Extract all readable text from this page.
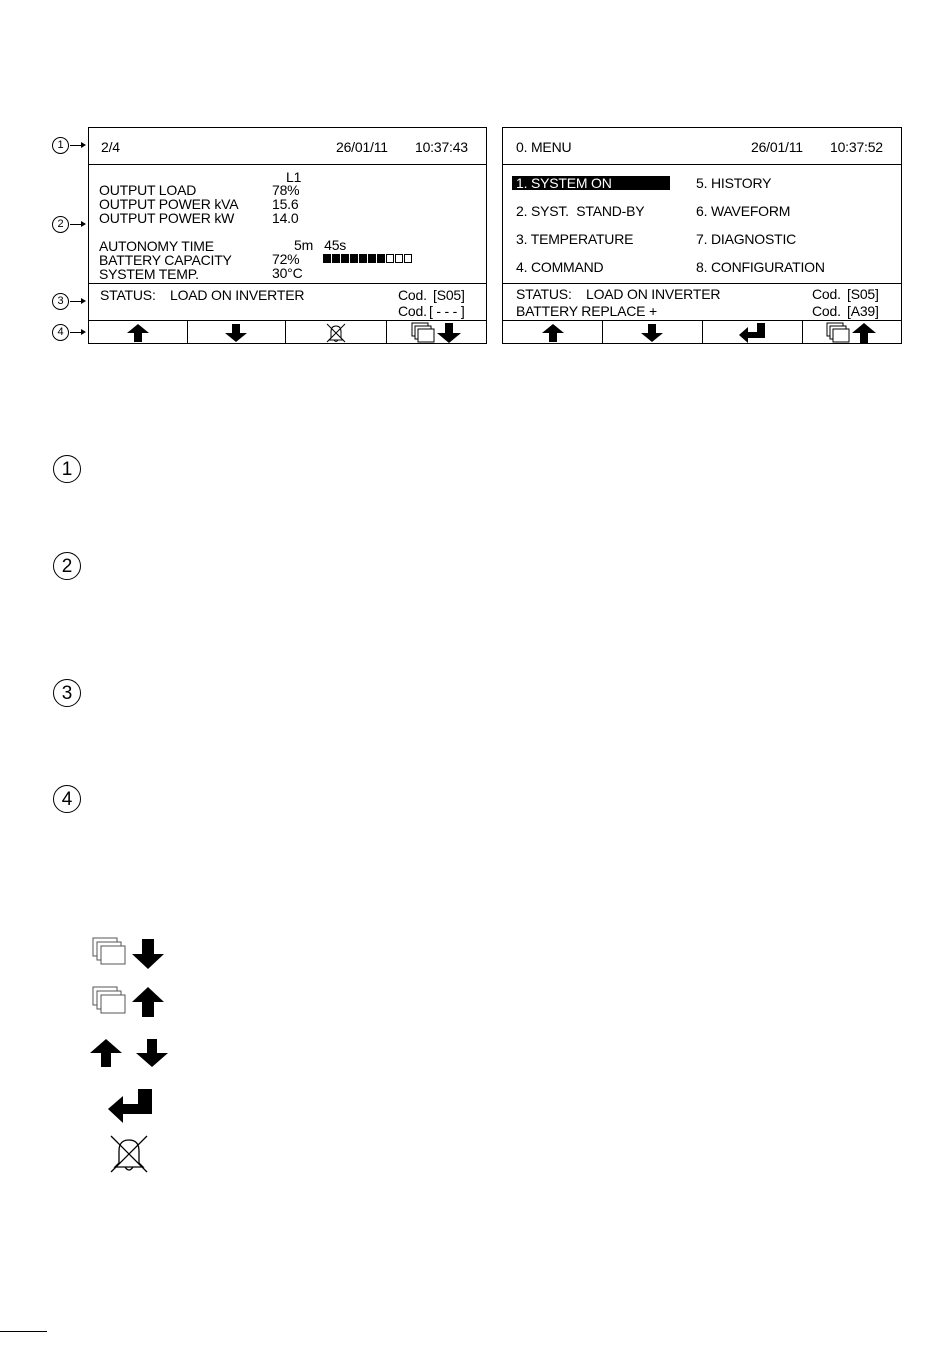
2/4	26/01/11 10:37:43
L1
OUTPUT LOAD	78%
OUTPUT POWER kVA 15.6
OUTPUT POWER kW	14.0
AUTONOMY TIME	5m   45s
BATTERY CAPACITY	72%
SYSTEM TEMP.	30°C
STATUS: LOAD ON INVERTER	Cod. [S05]
Cod. [ - - - ]
0. MENU	26/01/11 10:37:52
1. SYSTEM ON
2. SYST.  STAND-BY
3. TEMPERATURE
4. COMMAND
5. HISTORY
6. WAVEFORM
7. DIAGNOSTIC
8. CONFIGURATION
STATUS: LOAD ON INVERTER
BATTERY REPLACE +
Cod. [S05]
Cod. [A39]
1
2
3
4
1
2
3
4
